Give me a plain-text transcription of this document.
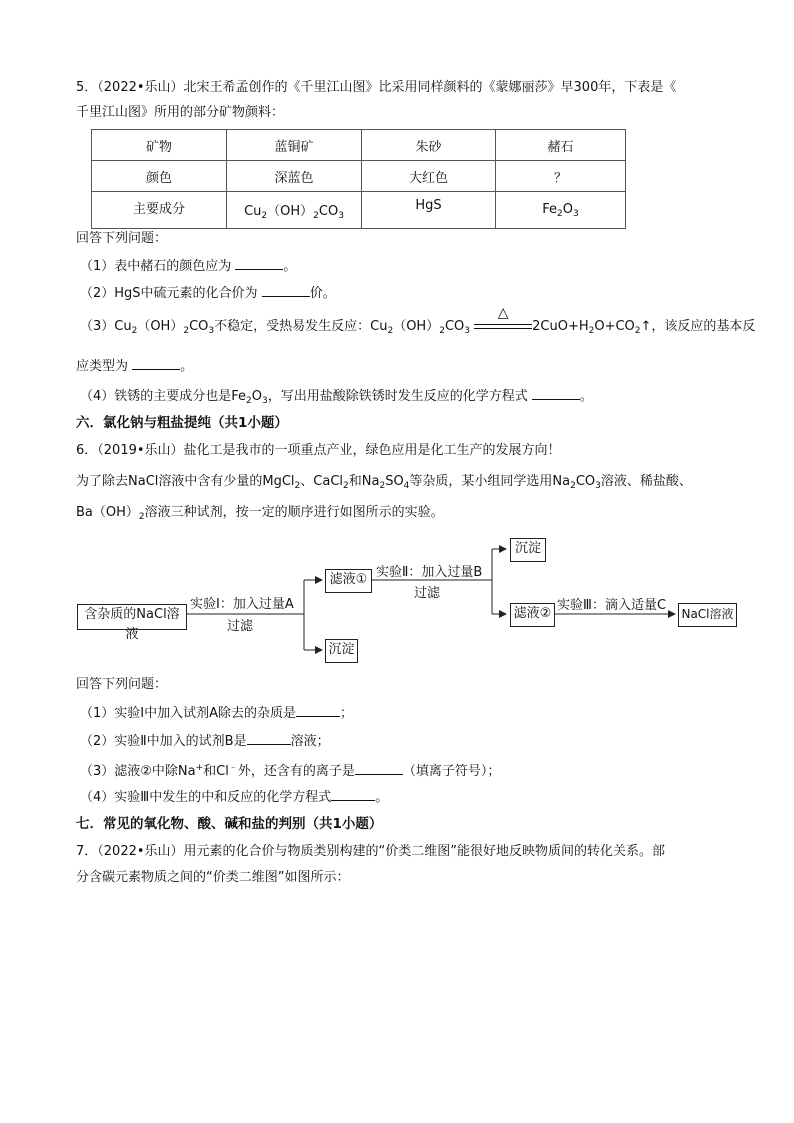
5．（2022•乐山）北宋王希孟创作的《千里江山图》比采用同样颜料的《蒙娜丽莎》早300年，下表是《
千里江山图》所用的部分矿物颜料：
矿物	蓝铜矿	朱砂	赭石
颜色	深蓝色	大红色	？
主要成分	$Cu_2(OH)_2CO_3$	HgS	$Fe_2O_3$
回答下列问题：
（1）表中赭石的颜色应为	。
（2）HgS中硫元素的化合价为	价。
$(3)Cu_2(OH)_2CO_3$不稳定，受热易发生反应：$Cu_2(OH)_2CO_3$
△
$2CuO+H_2O+CO_2↑$，该反应的基本反
应类型为	。
（4）铁锈的主要成分也是$Fe_2O_3$，写出用盐酸除铁锈时发生反应的化学方程式	。
六．氯化钠与粗盐提纯（共1小题）
6．（2019•乐山）盐化工是我市的一项重点产业，绿色应用是化工生产的发展方向！
为了除去NaCl溶液中含有少量的MgCl$_2$、CaCl$_2$和$Na_2SO_4$等杂质，某小组同学选用$Na_2CO_3$溶液、稀盐酸、
$Ba(OH)_2$溶液三种试剂，按一定的顺序进行如图所示的实验。
含杂质的NaCl溶液
实验Ⅰ：加入过量A
过滤
滤液①
沉淀
实验Ⅱ：加入过量B
过滤
沉淀
滤液②
实验Ⅲ：滴入适量C
NaCl溶液
回答下列问题：
（1）实验Ⅰ中加入试剂A除去的杂质是	；
（2）实验Ⅱ中加入的试剂B是	溶液；
（3）滤液②中除Na+和Cl﹣外，还含有的离子是	（填离子符号）；
（4）实验Ⅲ中发生的中和反应的化学方程式	。
七．常见的氧化物、酸、碱和盐的判别（共1小题）
7．（2022•乐山）用元素的化合价与物质类别构建的“价类二维图”能很好地反映物质间的转化关系。部
分含碳元素物质之间的“价类二维图”如图所示：
